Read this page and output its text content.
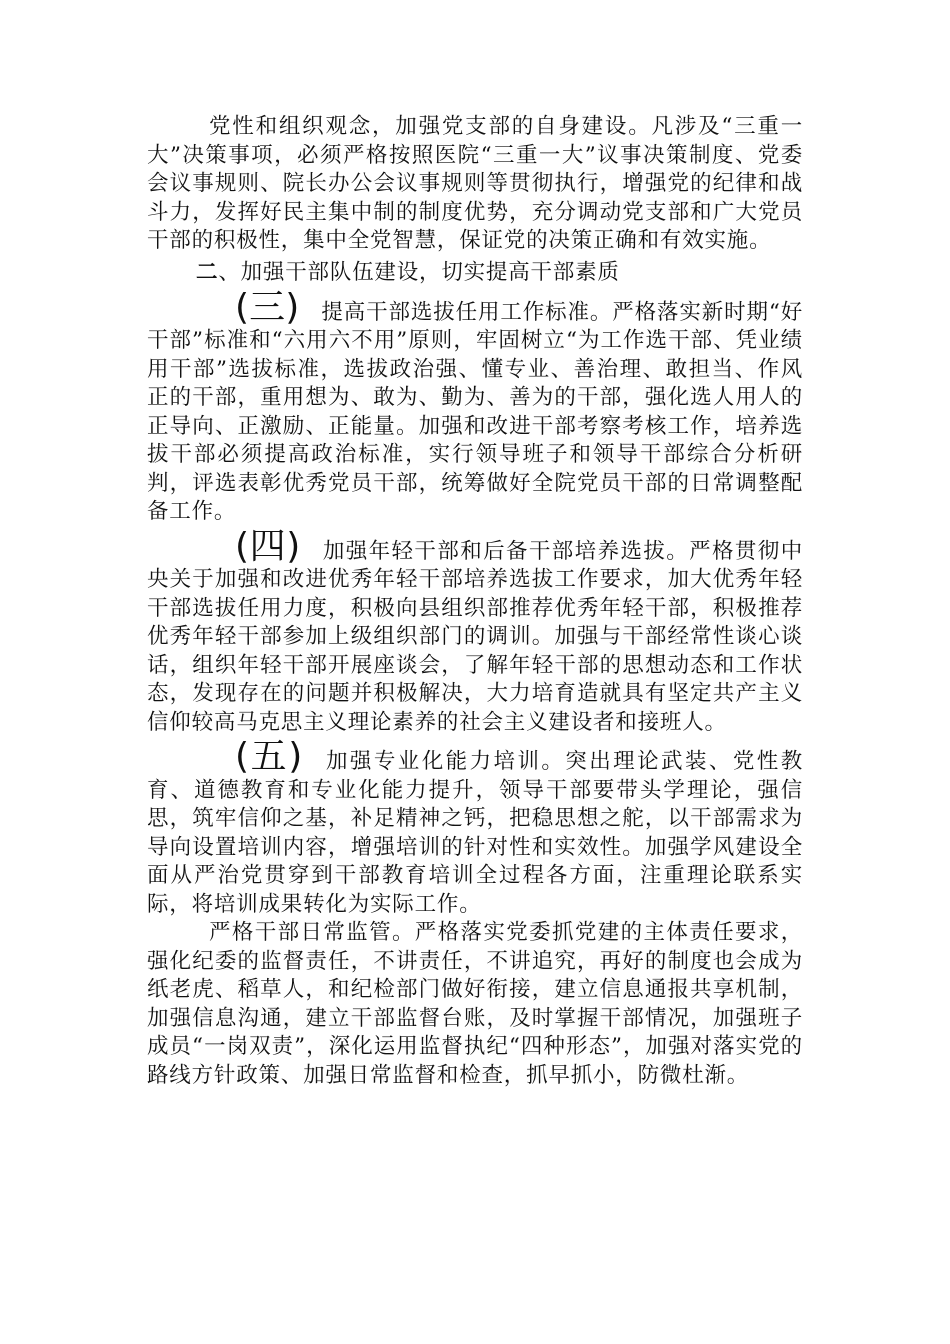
党性和组织观念，加强党支部的自身建设。凡涉及“三重一大”决策事项，必须严格按照医院“三重一大”议事决策制度、党委会议事规则、院长办公会议事规则等贯彻执行，增强党的纪律和战斗力，发挥好民主集中制的制度优势，充分调动党支部和广大党员干部的积极性，集中全党智慧，保证党的决策正确和有效实施。

二、加强干部队伍建设，切实提高干部素质

(三) 提高干部选拔任用工作标准。严格落实新时期“好干部”标准和“六用六不用”原则，牢固树立“为工作选干部、凭业绩用干部”选拔标准，选拔政治强、懂专业、善治理、敢担当、作风正的干部，重用想为、敢为、勤为、善为的干部，强化选人用人的正导向、正激励、正能量。加强和改进干部考察考核工作，培养选拔干部必须提高政治标准，实行领导班子和领导干部综合分析研判，评选表彰优秀党员干部，统筹做好全院党员干部的日常调整配备工作。

(四) 加强年轻干部和后备干部培养选拔。严格贯彻中央关于加强和改进优秀年轻干部培养选拔工作要求，加大优秀年轻干部选拔任用力度，积极向县组织部推荐优秀年轻干部，积极推荐优秀年轻干部参加上级组织部门的调训。加强与干部经常性谈心谈话，组织年轻干部开展座谈会，了解年轻干部的思想动态和工作状态，发现存在的问题并积极解决，大力培育造就具有坚定共产主义信仰较高马克思主义理论素养的社会主义建设者和接班人。

(五) 加强专业化能力培训。突出理论武装、党性教育、道德教育和专业化能力提升，领导干部要带头学理论，强信思，筑牢信仰之基，补足精神之钙，把稳思想之舵，以干部需求为导向设置培训内容，增强培训的针对性和实效性。加强学风建设全面从严治党贯穿到干部教育培训全过程各方面，注重理论联系实际，将培训成果转化为实际工作。

严格干部日常监管。严格落实党委抓党建的主体责任要求，强化纪委的监督责任，不讲责任，不讲追究，再好的制度也会成为纸老虎、稻草人，和纪检部门做好衔接，建立信息通报共享机制，加强信息沟通，建立干部监督台账，及时掌握干部情况，加强班子成员“一岗双责”，深化运用监督执纪“四种形态”，加强对落实党的路线方针政策、加强日常监督和检查，抓早抓小，防微杜渐。
